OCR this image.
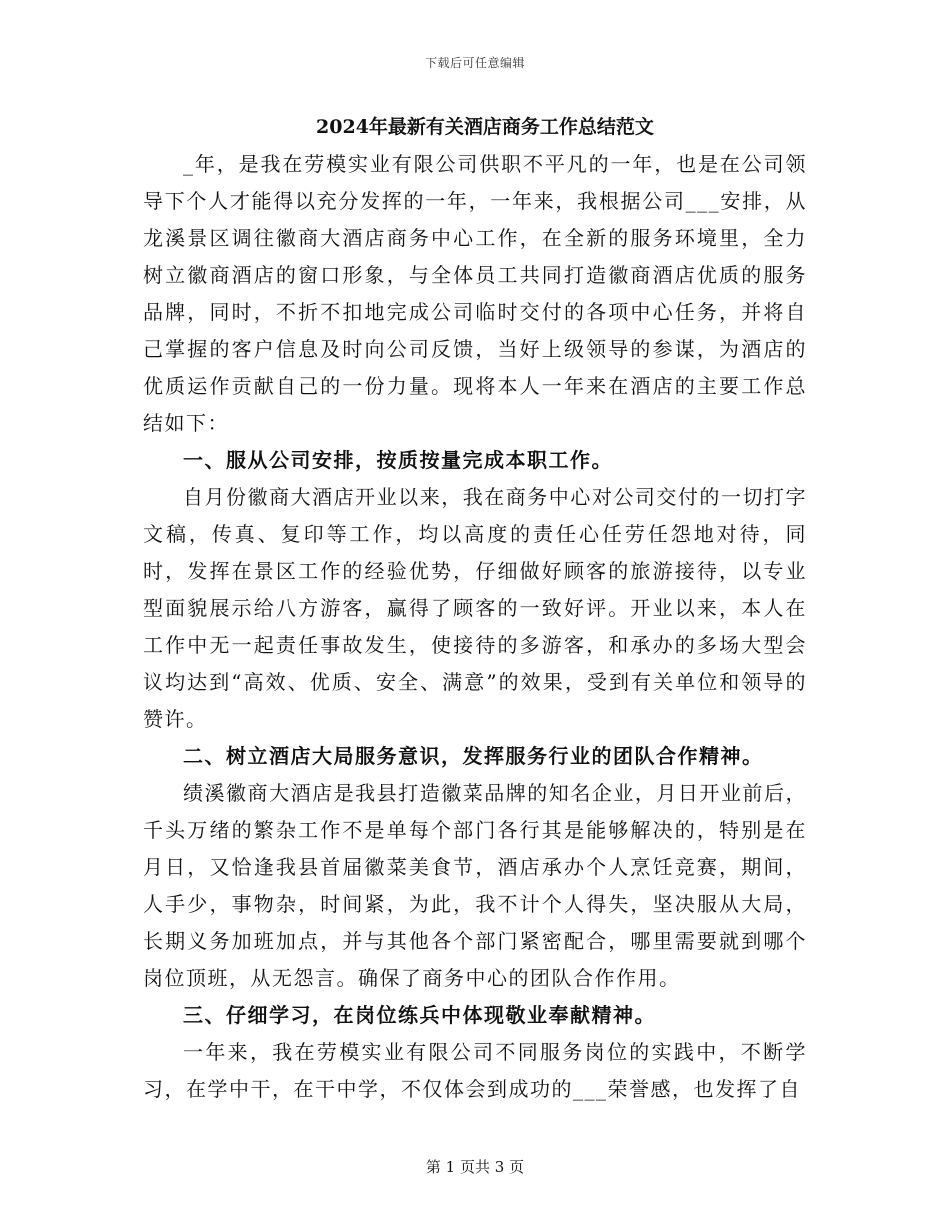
下载后可任意编辑
2024年最新有关酒店商务工作总结范文

_年，是我在劳模实业有限公司供职不平凡的一年，也是在公司领导下个人才能得以充分发挥的一年，一年来，我根据公司___安排，从龙溪景区调往徽商大酒店商务中心工作，在全新的服务环境里，全力树立徽商酒店的窗口形象，与全体员工共同打造徽商酒店优质的服务品牌，同时，不折不扣地完成公司临时交付的各项中心任务，并将自己掌握的客户信息及时向公司反馈，当好上级领导的参谋，为酒店的优质运作贡献自己的一份力量。现将本人一年来在酒店的主要工作总结如下：

一、服从公司安排，按质按量完成本职工作。

自月份徽商大酒店开业以来，我在商务中心对公司交付的一切打字文稿，传真、复印等工作，均以高度的责任心任劳任怨地对待，同时，发挥在景区工作的经验优势，仔细做好顾客的旅游接待，以专业型面貌展示给八方游客，赢得了顾客的一致好评。开业以来，本人在工作中无一起责任事故发生，使接待的多游客，和承办的多场大型会议均达到“高效、优质、安全、满意”的效果，受到有关单位和领导的赞许。

二、树立酒店大局服务意识，发挥服务行业的团队合作精神。

绩溪徽商大酒店是我县打造徽菜品牌的知名企业，月日开业前后，千头万绪的繁杂工作不是单每个部门各行其是能够解决的，特别是在月日，又恰逢我县首届徽菜美食节，酒店承办个人烹饪竞赛，期间，人手少，事物杂，时间紧，为此，我不计个人得失，坚决服从大局，长期义务加班加点，并与其他各个部门紧密配合，哪里需要就到哪个岗位顶班，从无怨言。确保了商务中心的团队合作作用。

三、仔细学习，在岗位练兵中体现敬业奉献精神。

一年来，我在劳模实业有限公司不同服务岗位的实践中，不断学习，在学中干，在干中学，不仅体会到成功的___荣誉感，也发挥了自

第 1 页共 3 页
